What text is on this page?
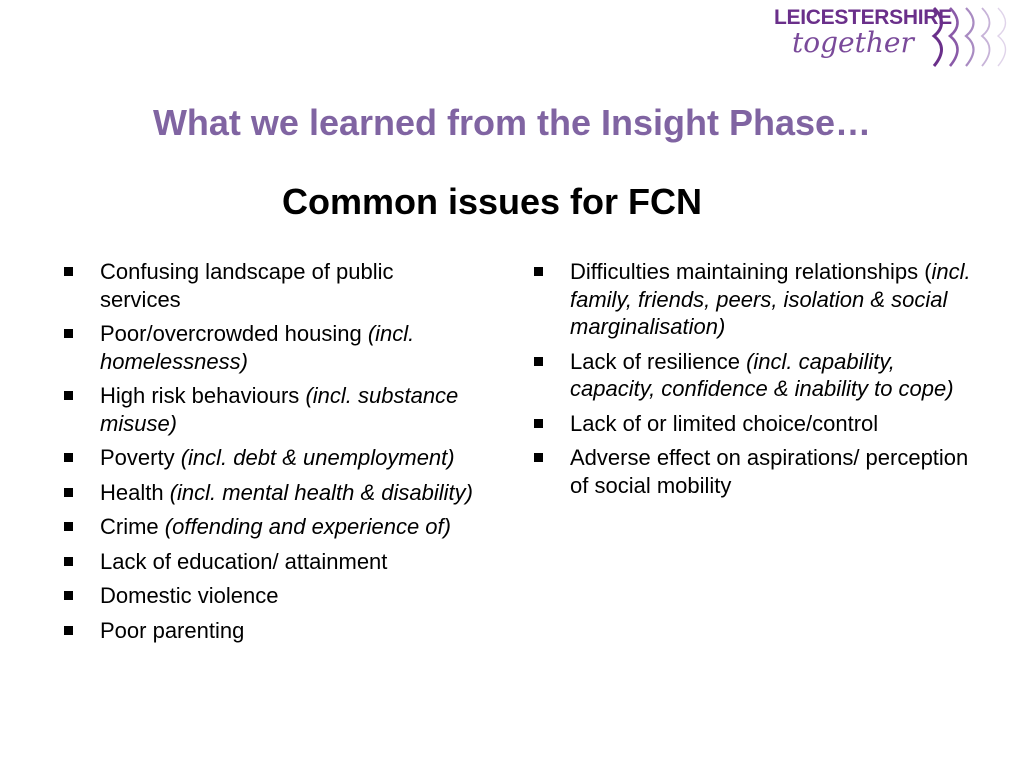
LEICESTERSHIRE
together
What we learned from the Insight Phase…
Common issues for FCN
Confusing landscape of public services
Poor/overcrowded housing (incl. homelessness)
High risk behaviours (incl. substance misuse)
Poverty (incl. debt & unemployment)
Health (incl. mental health & disability)
Crime (offending and experience of)
Lack of education/ attainment
Domestic violence
Poor parenting
Difficulties maintaining relationships (incl. family, friends, peers, isolation & social marginalisation)
Lack of resilience (incl. capability, capacity, confidence & inability to cope)
Lack of or limited choice/control
Adverse effect on aspirations/ perception of social mobility
